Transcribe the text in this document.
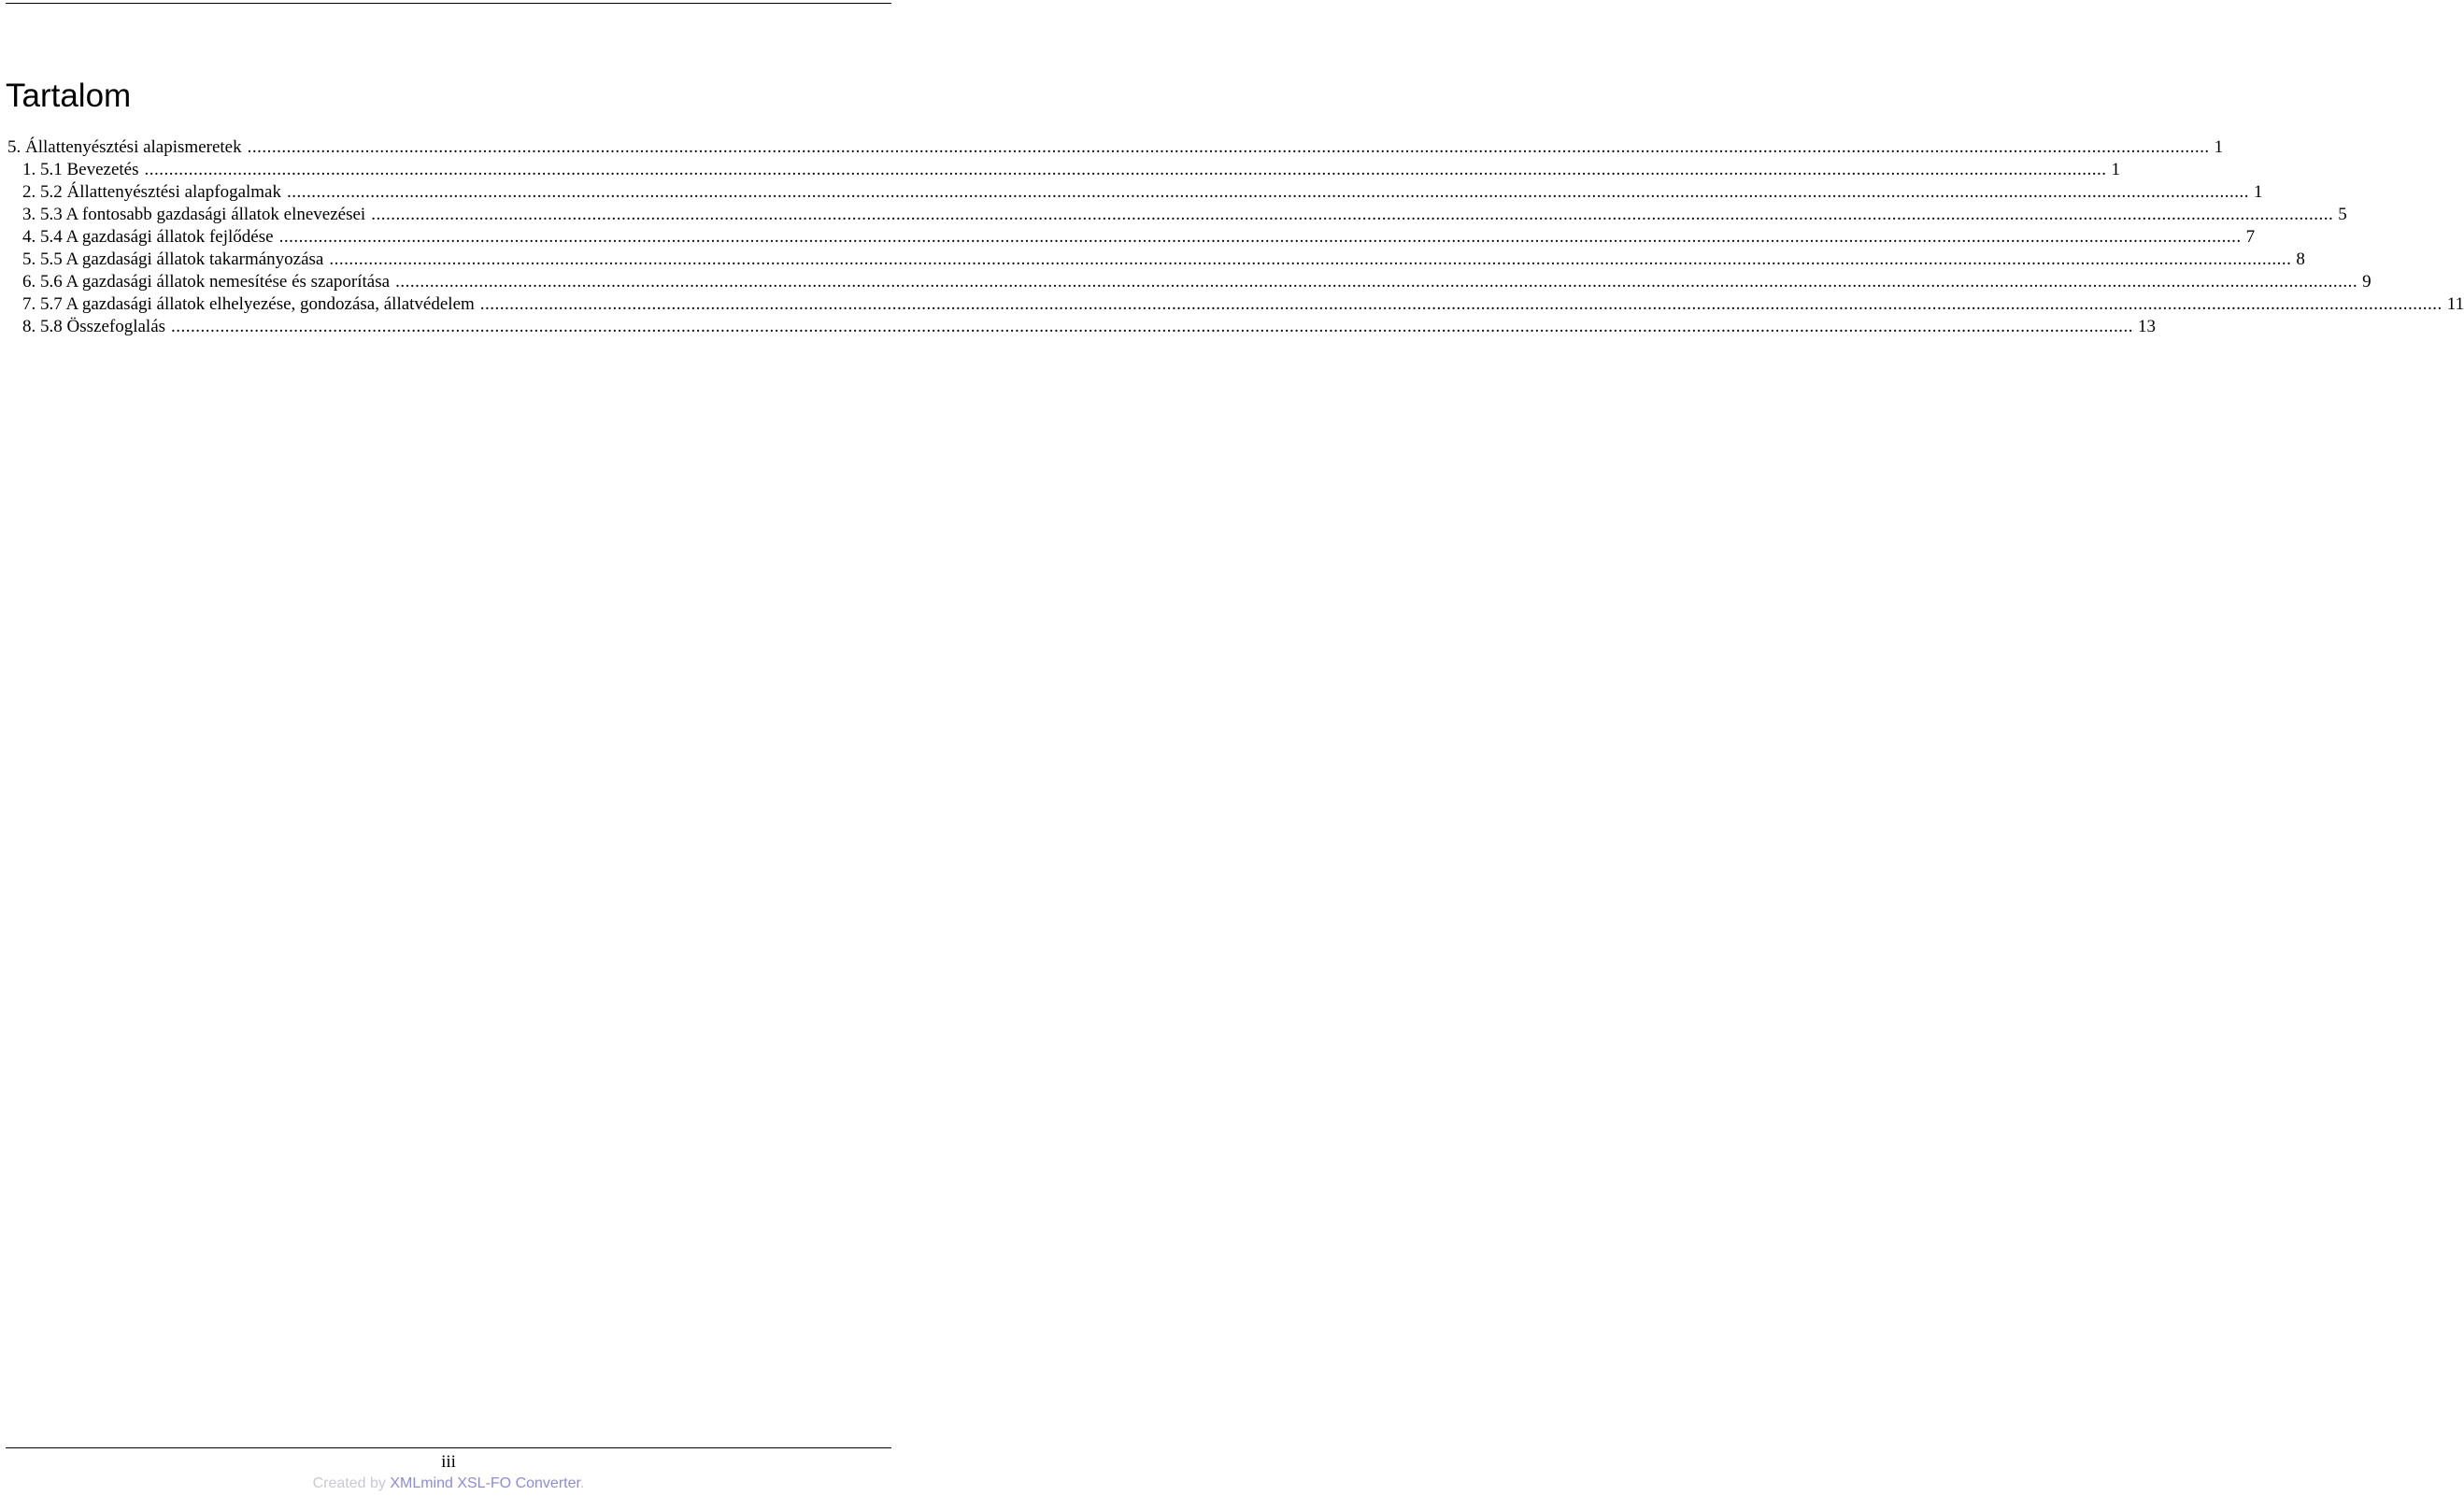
Tartalom
5. Állattenyésztési alapismeretek ................................................................................................................................................................................................................................................................................................................................................................................................................ 1
1. 5.1 Bevezetés ................................................................................................................................................................................................................................................................................................................................................................................................................ 1
2. 5.2 Állattenyésztési alapfogalmak ................................................................................................................................................................................................................................................................................................................................................................................................................ 1
3. 5.3 A fontosabb gazdasági állatok elnevezései ................................................................................................................................................................................................................................................................................................................................................................................................................ 5
4. 5.4 A gazdasági állatok fejlődése ................................................................................................................................................................................................................................................................................................................................................................................................................ 7
5. 5.5 A gazdasági állatok takarmányozása ................................................................................................................................................................................................................................................................................................................................................................................................................ 8
6. 5.6 A gazdasági állatok nemesítése és szaporítása ................................................................................................................................................................................................................................................................................................................................................................................................................ 9
7. 5.7 A gazdasági állatok elhelyezése, gondozása, állatvédelem ................................................................................................................................................................................................................................................................................................................................................................................................................ 11
8. 5.8 Összefoglalás ................................................................................................................................................................................................................................................................................................................................................................................................................ 13
iii
Created by XMLmind XSL-FO Converter.
